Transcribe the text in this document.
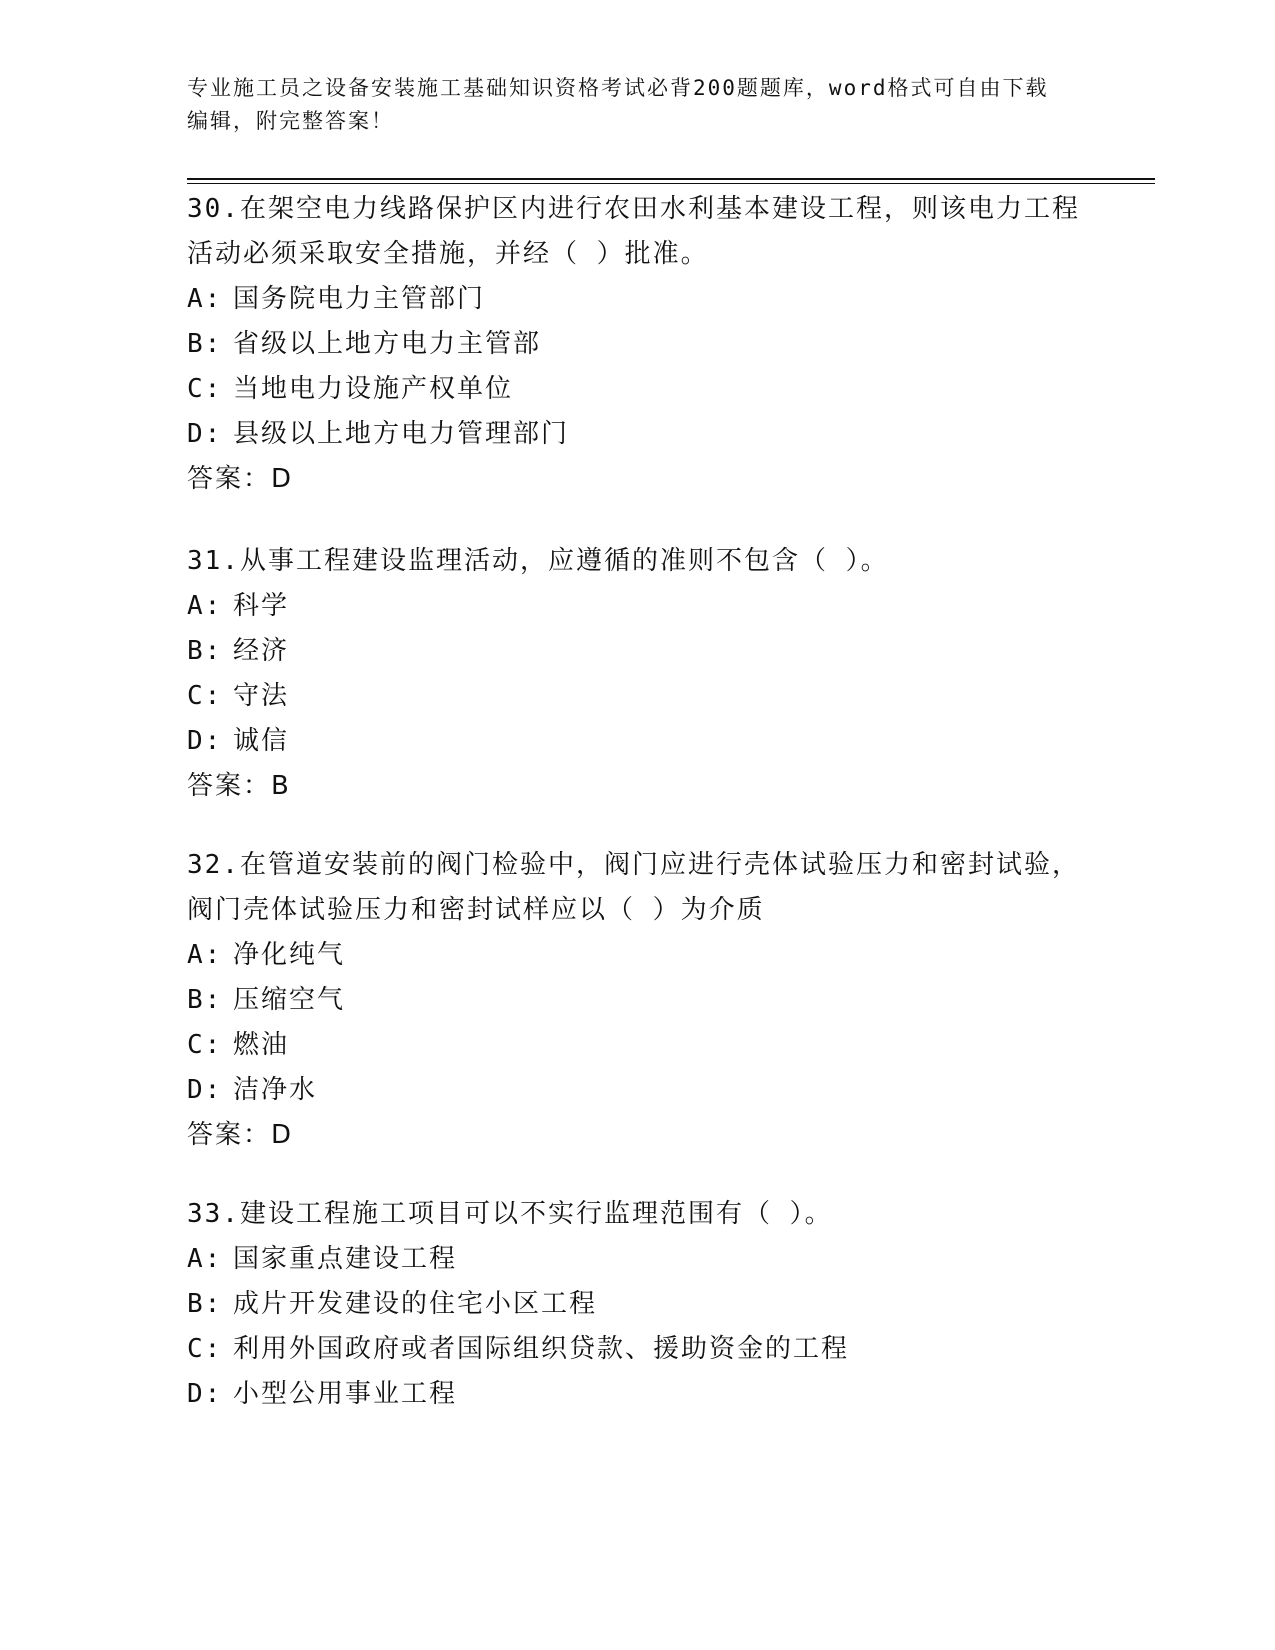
专业施工员之设备安装施工基础知识资格考试必背200题题库，word格式可自由下载编辑，附完整答案！

30.在架空电力线路保护区内进行农田水利基本建设工程，则该电力工程活动必须采取安全措施，并经（ ）批准。

A: 国务院电力主管部门
B: 省级以上地方电力主管部
C: 当地电力设施产权单位
D: 县级以上地方电力管理部门
答案：D

31.从事工程建设监理活动，应遵循的准则不包含（ ）。

A: 科学
B: 经济
C: 守法
D: 诚信
答案：B

32.在管道安装前的阀门检验中，阀门应进行壳体试验压力和密封试验，阀门壳体试验压力和密封试样应以（ ）为介质

A: 净化纯气
B: 压缩空气
C: 燃油
D: 洁净水
答案：D

33.建设工程施工项目可以不实行监理范围有（ ）。

A: 国家重点建设工程
B: 成片开发建设的住宅小区工程
C: 利用外国政府或者国际组织贷款、援助资金的工程
D: 小型公用事业工程
